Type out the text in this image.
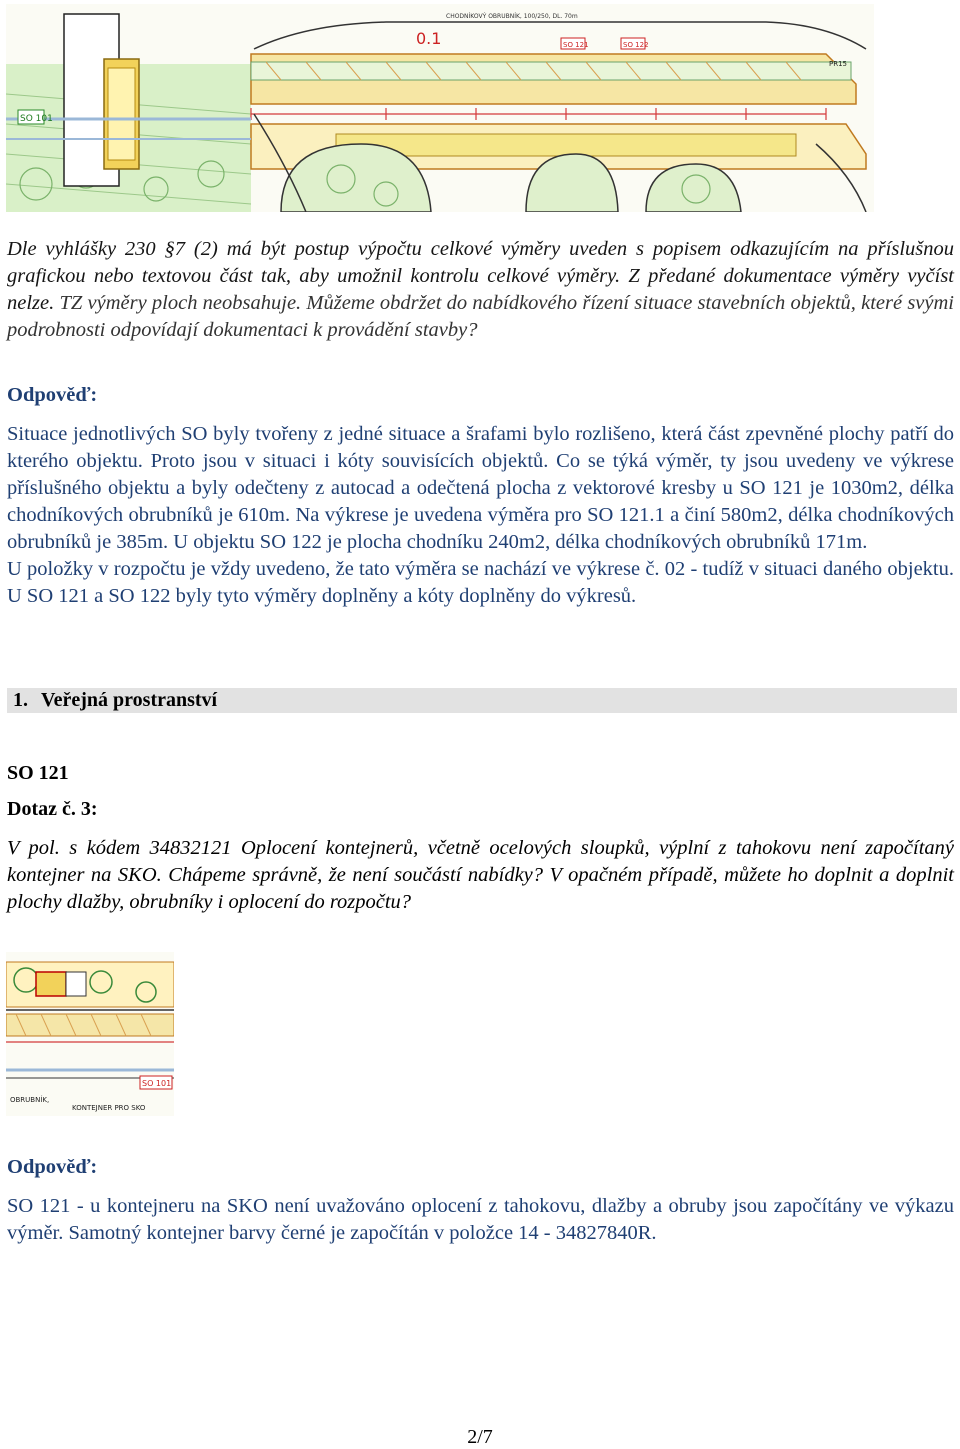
SO 101
0.1
CHODNÍKOVÝ OBRUBNÍK, 100/250, DL. 70m
SO 121	SO 122
PR15
Dle vyhlášky 230 §7 (2) má být postup výpočtu celkové výměry uveden s popisem odkazujícím na příslušnou grafickou nebo textovou část tak, aby umožnil kontrolu celkové výměry. Z předané dokumentace výměry vyčíst nelze. TZ výměry ploch neobsahuje. Můžeme obdržet do nabídkového řízení situace stavebních objektů, které svými podrobnosti odpovídají dokumentaci k provádění stavby?
Odpověď:

Situace jednotlivých SO byly tvořeny z jedné situace a šrafami bylo rozlišeno, která část zpevněné plochy patří do kterého objektu. Proto jsou v situaci i kóty souvisících objektů. Co se týká výměr, ty jsou uvedeny ve výkrese příslušného objektu a byly odečteny z autocad a odečtená plocha z vektorové kresby u SO 121 je 1030m2, délka chodníkových obrubníků je 610m. Na výkrese je uvedena výměra pro SO 121.1 a činí 580m2, délka chodníkových obrubníků je 385m. U objektu SO 122 je plocha chodníku 240m2, délka chodníkových obrubníků 171m.

U položky v rozpočtu je vždy uvedeno, že tato výměra se nachází ve výkrese č. 02 - tudíž v situaci daného objektu. U SO 121 a SO 122 byly tyto výměry doplněny a kóty doplněny do výkresů.

1. Veřejná prostranství
SO 121
Dotaz č. 3:
V pol. s kódem 34832121 Oplocení kontejnerů, včetně ocelových sloupků, výplní z tahokovu není započítaný kontejner na SKO. Chápeme správně, že není součástí nabídky? V opačném případě, můžete ho doplnit a doplnit plochy dlažby, obrubníky i oplocení do rozpočtu?
SO 101
OBRUBNÍK,
KONTEJNER PRO SKO
Odpověď:
SO 121 - u kontejneru na SKO není uvažováno oplocení z tahokovu, dlažby a obruby jsou započítány ve výkazu výměr. Samotný kontejner barvy černé je započítán v položce 14 - 34827840R.
2/7
